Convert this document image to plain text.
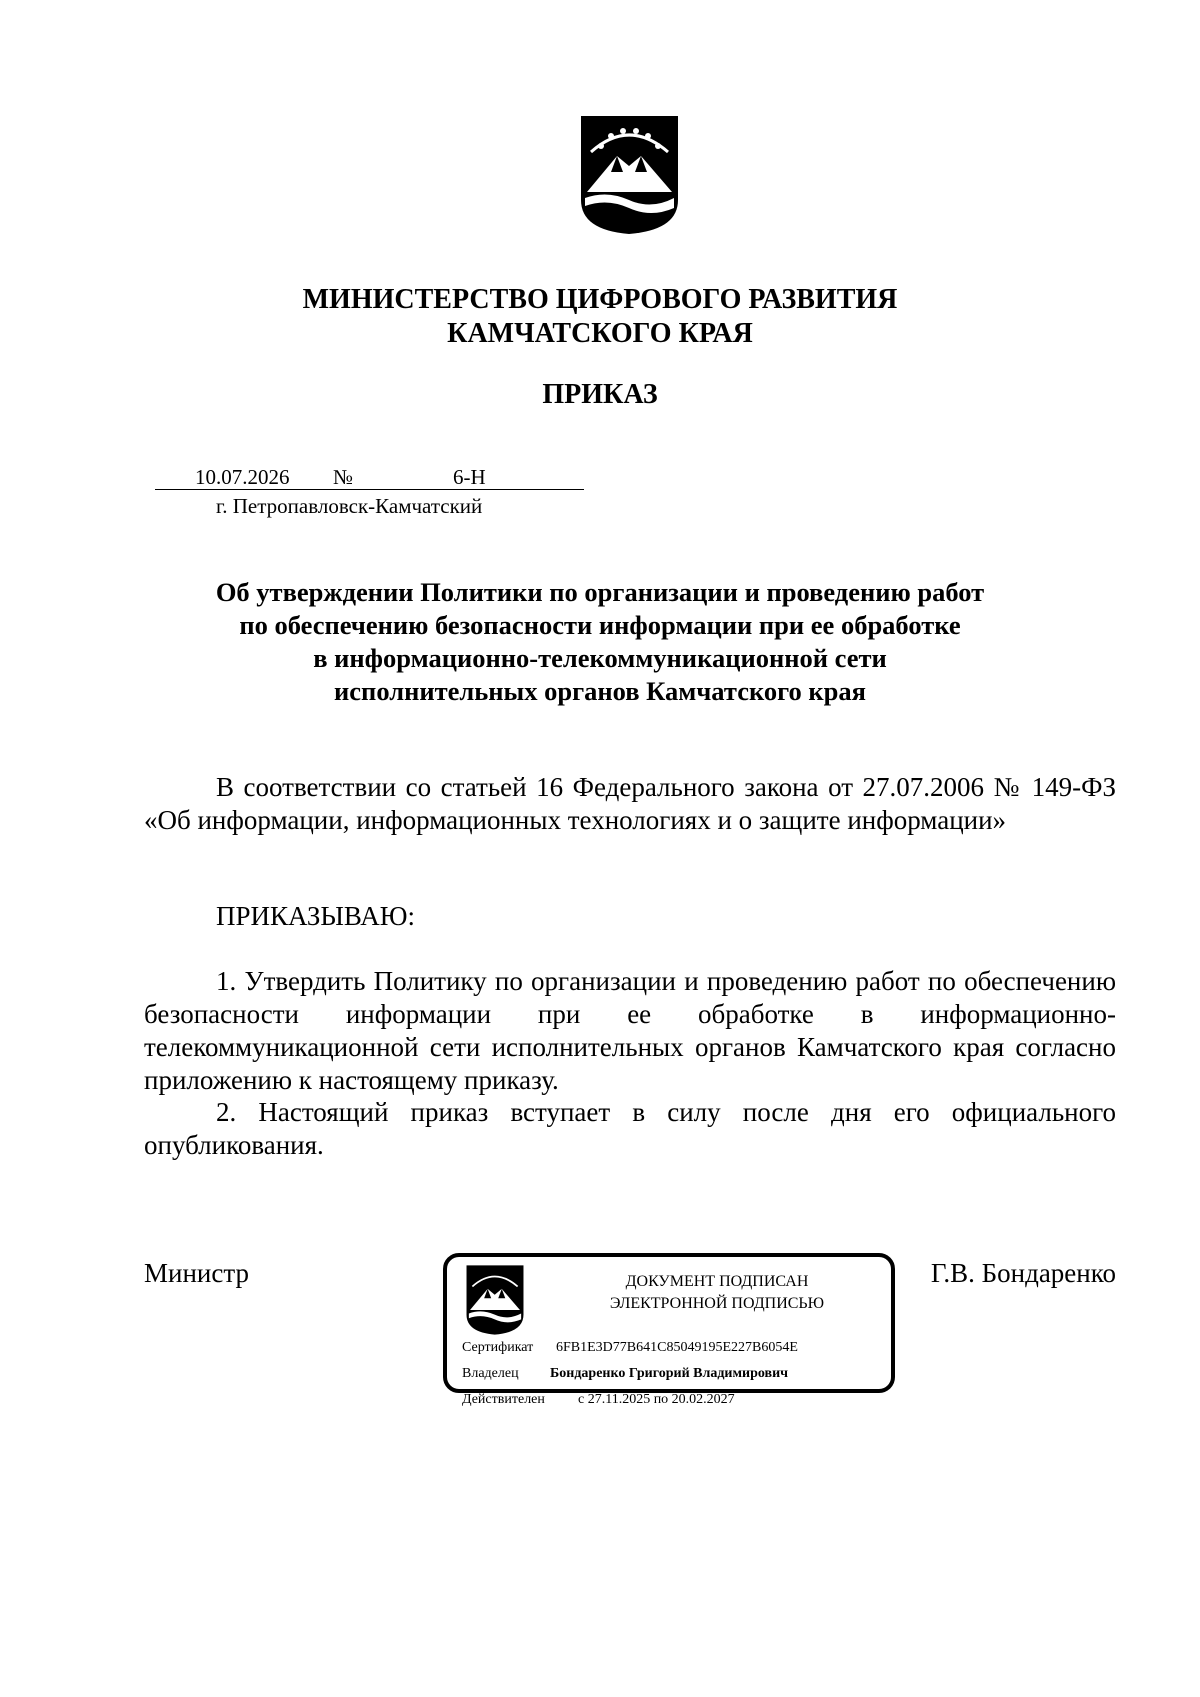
МИНИСТЕРСТВО ЦИФРОВОГО РАЗВИТИЯ
КАМЧАТСКОГО КРАЯ
ПРИКАЗ
10.07.2026 №	6-Н
г. Петропавловск-Камчатский
Об утверждении Политики по организации и проведению работ
по обеспечению безопасности информации при ее обработке
в информационно-телекоммуникационной сети
исполнительных органов Камчатского края

В соответствии со статьей 16 Федерального закона от 27.07.2006 № 149-ФЗ «Об информации, информационных технологиях и о защите информации»

ПРИКАЗЫВАЮ:

1. Утвердить Политику по организации и проведению работ по обеспечению безопасности информации при ее обработке в информационно-телекоммуникационной сети исполнительных органов Камчатского края согласно приложению к настоящему приказу.

2. Настоящий приказ вступает в силу после дня его официального опубликования.

Министр	Г.В. Бондаренко
ДОКУМЕНТ ПОДПИСАН
ЭЛЕКТРОННОЙ ПОДПИСЬЮ
Сертификат 6FB1E3D77B641C85049195E227B6054E
Владелец Бондаренко Григорий Владимирович
Действителен с 27.11.2025 по 20.02.2027
